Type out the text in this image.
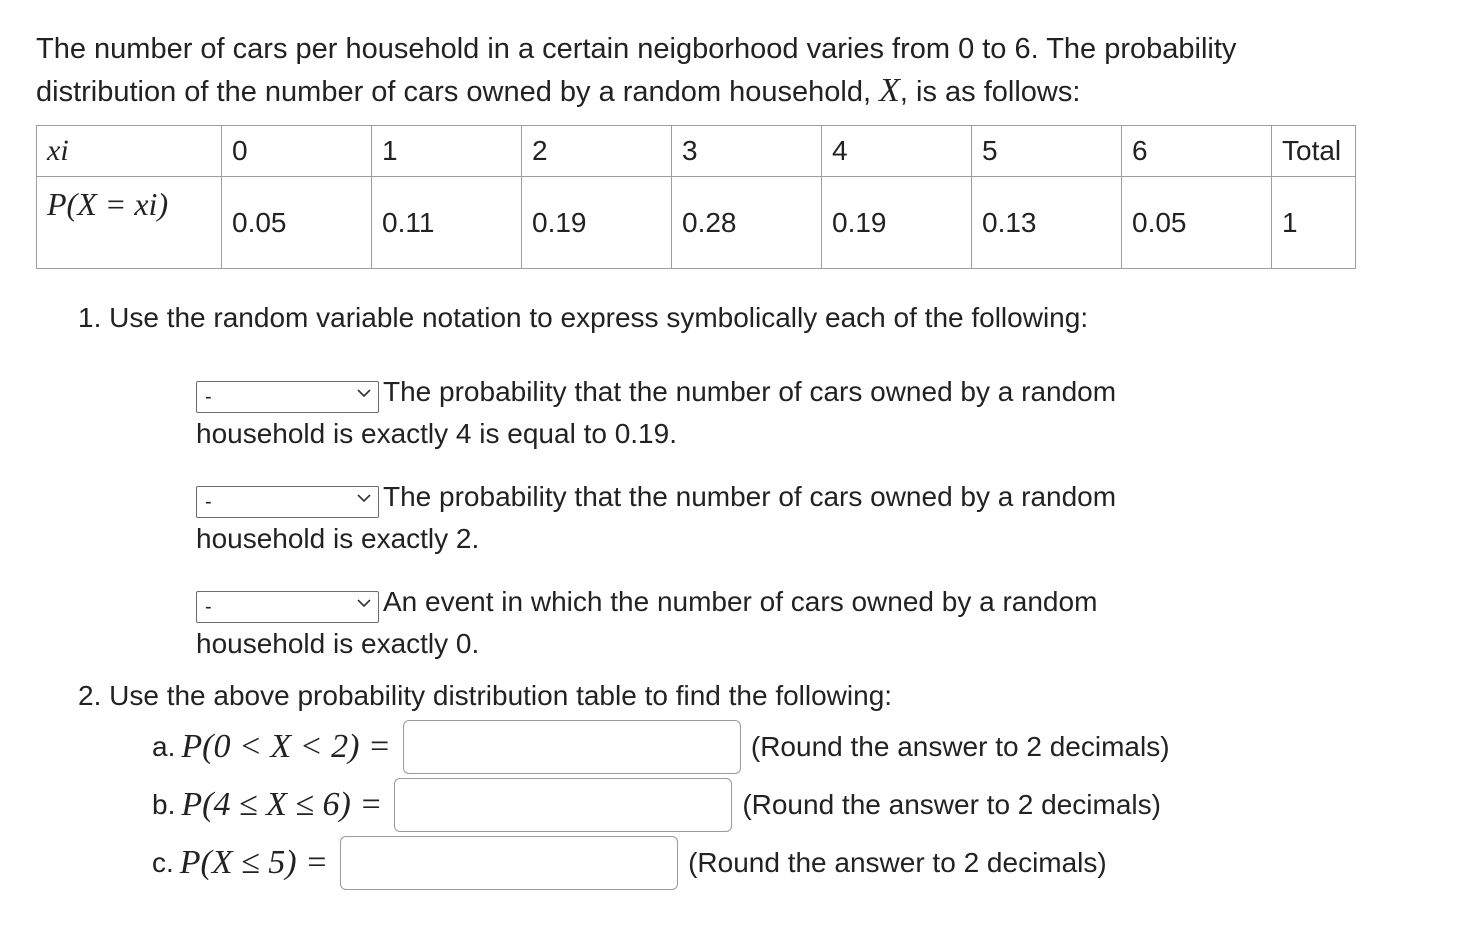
The number of cars per household in a certain neigborhood varies from 0 to 6. The probability
distribution of the number of cars owned by a random household, X, is as follows:
xi	0	1	2	3	4	5	6	Total
P(X = xi)	0.05	0.11	0.19	0.28	0.19	0.13	0.05	1
1. Use the random variable notation to express symbolically each of the following:
-	The probability that the number of cars owned by a random
household is exactly 4 is equal to 0.19.
-	The probability that the number of cars owned by a random
household is exactly 2.
-	An event in which the number of cars owned by a random
household is exactly 0.
2. Use the above probability distribution table to find the following:
a. P(0 < X < 2) =	(Round the answer to 2 decimals)
b. P(4 ≤ X ≤ 6) =	(Round the answer to 2 decimals)
c. P(X ≤ 5) =	(Round the answer to 2 decimals)
